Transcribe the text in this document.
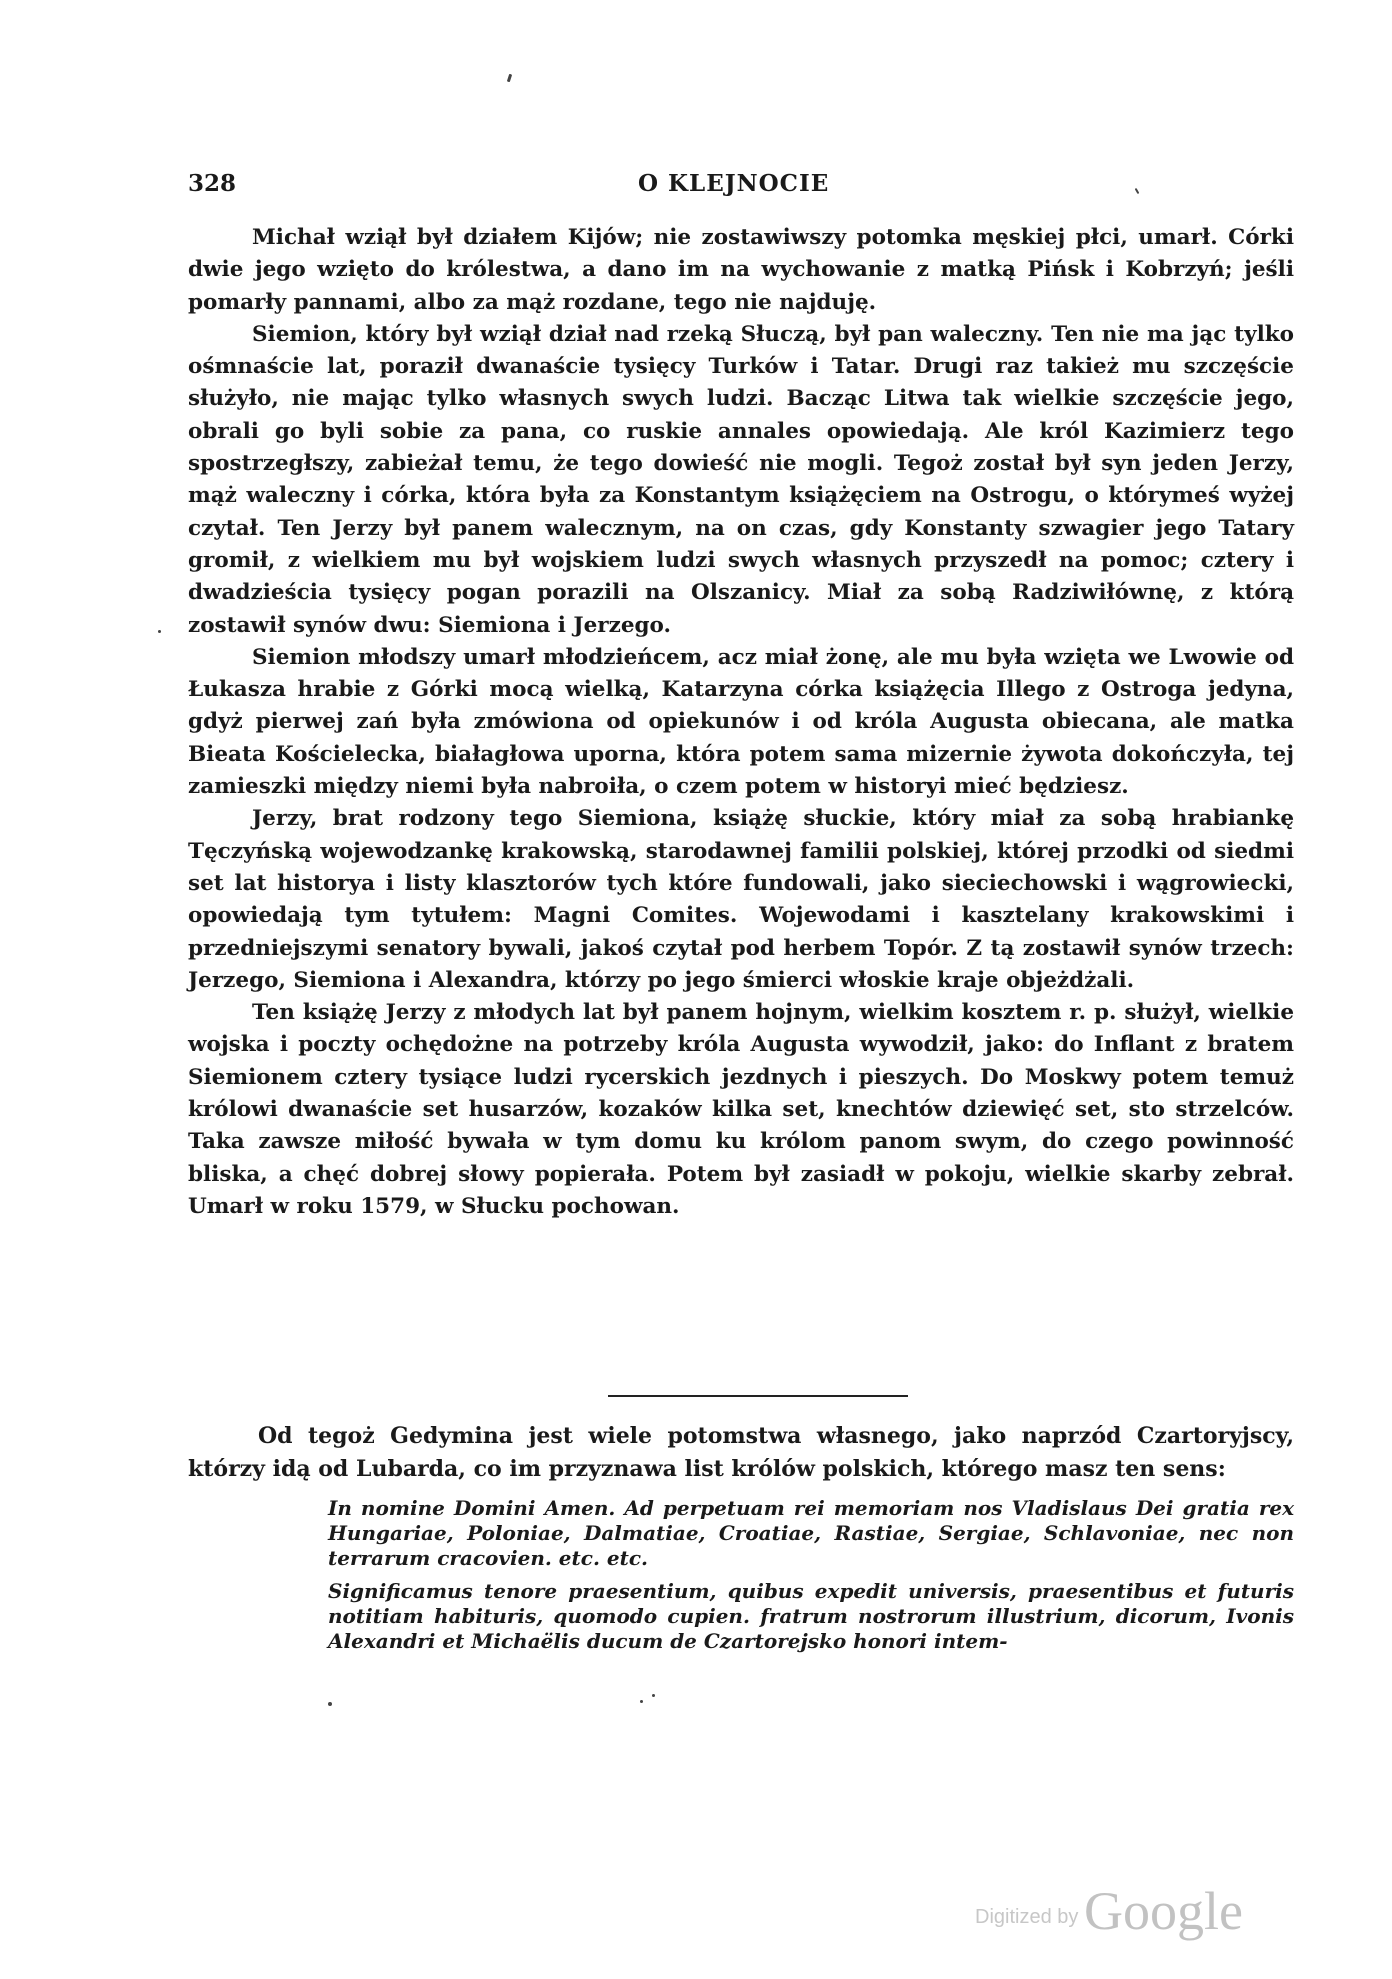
328	O KLEJNOCIE

Michał wziął był działem Kijów; nie zostawiwszy potomka męskiej płci, umarł. Córki dwie jego wzięto do królestwa, a dano im na wychowanie z matką Pińsk i Kobrzyń; jeśli pomarły pannami, albo za mąż rozdane, tego nie najduję.

Siemion, który był wziął dział nad rzeką Słuczą, był pan waleczny. Ten nie ma jąc tylko ośmnaście lat, poraził dwanaście tysięcy Turków i Tatar. Drugi raz takież mu szczęście służyło, nie mając tylko własnych swych ludzi. Bacząc Litwa tak wielkie szczęście jego, obrali go byli sobie za pana, co ruskie annales opowiedają. Ale król Kazimierz tego spostrzegłszy, zabieżał temu, że tego dowieść nie mogli. Tegoż został był syn jeden Jerzy, mąż waleczny i córka, która była za Konstantym książęciem na Ostrogu, o którymeś wyżej czytał. Ten Jerzy był panem walecznym, na on czas, gdy Konstanty szwagier jego Tatary gromił, z wielkiem mu był wojskiem ludzi swych własnych przyszedł na pomoc; cztery i dwadzieścia tysięcy pogan porazili na Olszanicy. Miał za sobą Radziwiłównę, z którą zostawił synów dwu: Siemiona i Jerzego.

Siemion młodszy umarł młodzieńcem, acz miał żonę, ale mu była wzięta we Lwowie od Łukasza hrabie z Górki mocą wielką, Katarzyna córka książęcia Illego z Ostroga jedyna, gdyż pierwej zań była zmówiona od opiekunów i od króla Augusta obiecana, ale matka Bieata Kościelecka, białagłowa uporna, która potem sama mizernie żywota dokończyła, tej zamieszki między niemi była nabroiła, o czem potem w historyi mieć będziesz.

Jerzy, brat rodzony tego Siemiona, książę słuckie, który miał za sobą hrabiankę Tęczyńską wojewodzankę krakowską, starodawnej familii polskiej, której przodki od siedmi set lat historya i listy klasztorów tych które fundowali, jako sieciechowski i wągrowiecki, opowiedają tym tytułem: Magni Comites. Wojewodami i kasztelany krakowskimi i przedniejszymi senatory bywali, jakoś czytał pod herbem Topór. Z tą zostawił synów trzech: Jerzego, Siemiona i Alexandra, którzy po jego śmierci włoskie kraje objeżdżali.

Ten książę Jerzy z młodych lat był panem hojnym, wielkim kosztem r. p. służył, wielkie wojska i poczty ochędożne na potrzeby króla Augusta wywodził, jako: do Inflant z bratem Siemionem cztery tysiące ludzi rycerskich jezdnych i pieszych. Do Moskwy potem temuż królowi dwanaście set husarzów, kozaków kilka set, knechtów dziewięć set, sto strzelców. Taka zawsze miłość bywała w tym domu ku królom panom swym, do czego powinność bliska, a chęć dobrej słowy popierała. Potem był zasiadł w pokoju, wielkie skarby zebrał. Umarł w roku 1579, w Słucku pochowan.

Od tegoż Gedymina jest wiele potomstwa własnego, jako naprzód Czartoryjscy, którzy idą od Lubarda, co im przyznawa list królów polskich, którego masz ten sens:

In nomine Domini Amen. Ad perpetuam rei memoriam nos Vladislaus Dei gratia rex Hungariae, Poloniae, Dalmatiae, Croatiae, Rastiae, Sergiae, Schlavoniae, nec non terrarum cracovien. etc. etc.

Significamus tenore praesentium, quibus expedit universis, praesentibus et futuris notitiam habituris, quomodo cupien. fratrum nostrorum illustrium, dicorum, Ivonis Alexandri et Michaëlis ducum de Czartorejsko honori intem-

Digitized by Google
